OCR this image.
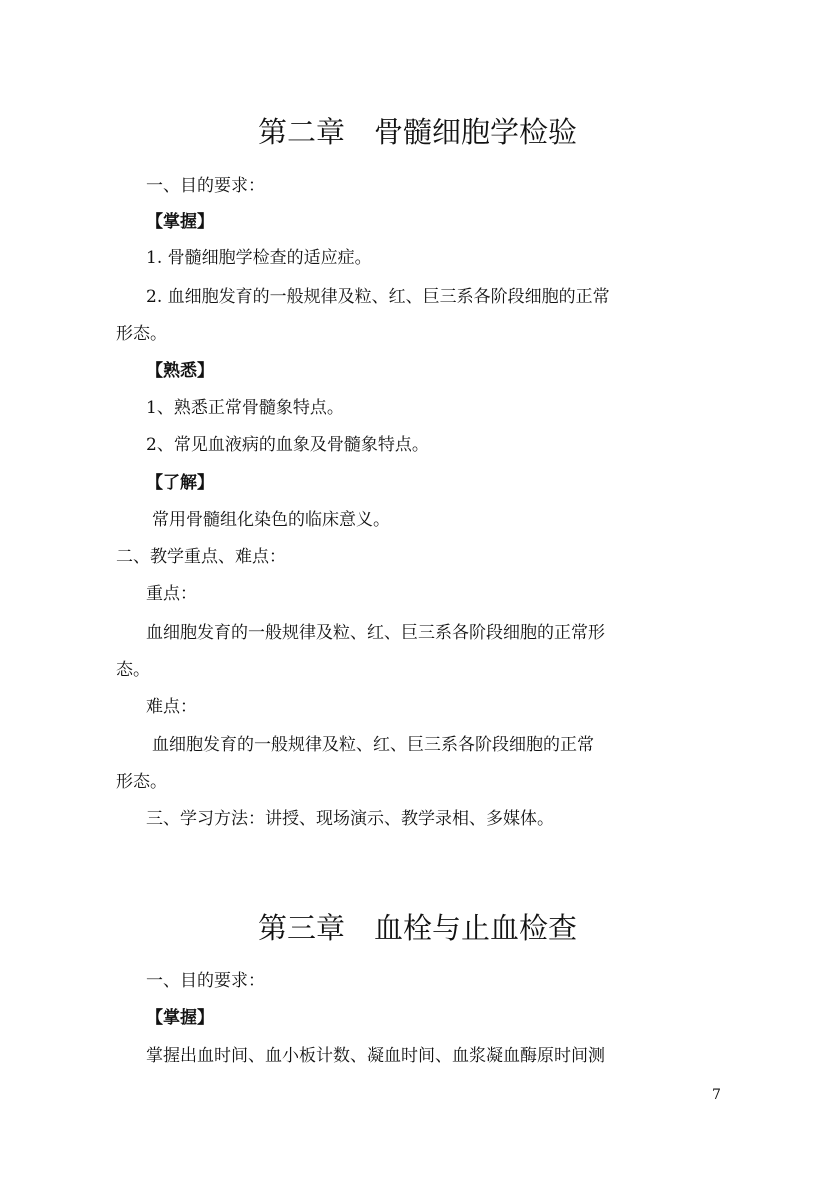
第二章　骨髓细胞学检验
一、目的要求：
【掌握】
1. 骨髓细胞学检查的适应症。
2. 血细胞发育的一般规律及粒、红、巨三系各阶段细胞的正常
形态。
【熟悉】
1、熟悉正常骨髓象特点。
2、常见血液病的血象及骨髓象特点。
【了解】
常用骨髓组化染色的临床意义。
二、教学重点、难点：
重点：
血细胞发育的一般规律及粒、红、巨三系各阶段细胞的正常形
态。
难点：
血细胞发育的一般规律及粒、红、巨三系各阶段细胞的正常
形态。
三、学习方法：讲授、现场演示、教学录相、多媒体。
第三章　血栓与止血检查
一、目的要求：
【掌握】
掌握出血时间、血小板计数、凝血时间、血浆凝血酶原时间测
7
